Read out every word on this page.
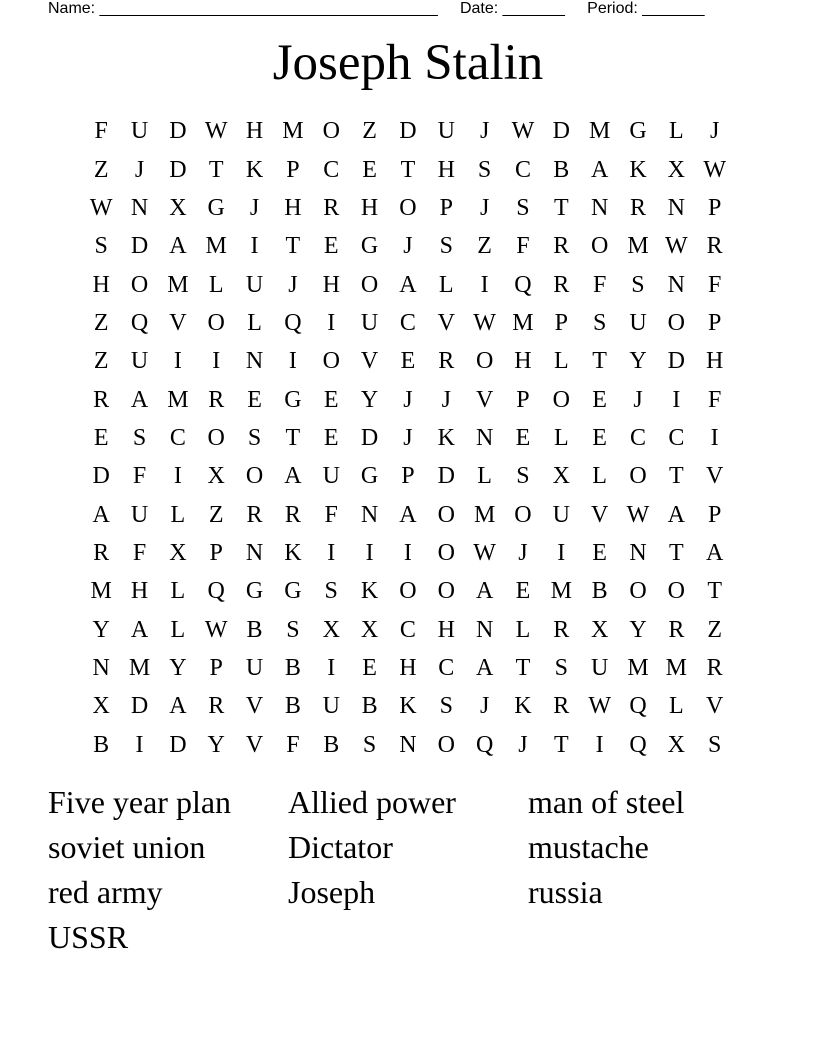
Name: ______________________________________     Date: _______     Period: _______
Joseph Stalin
F U D W H M O Z D U	J W D M G L	J
Z	J	D T K P C E T H S C B A K X W
W N X G	J	H R H O P	J	S	T N R N P
S D A M I	T E G	J	S	Z	F R O M W R
H O M L U	J	H O A L	I	Q R F	S N F
Z Q V O L Q	I	U C V W M P	S U O P
Z U	I	I	N	I	O V E R O H L T Y D H
R A M R E G E Y	J	J	V P O E	J	I	F
E	S C O S	T E D	J	K N E L E C C	I
D F	I	X O A U G P D L	S X L O T V
A U L Z R R F N A O M O U V W A P
R F X P N K	I	I	I	O W J	I	E N T A
M H L Q G G S K O O A E M B O O T
Y A L W B S X X C H N L R X Y R Z
N M Y P U B	I	E H C A T	S U M M R
X D A R V B U B K S	J	K R W Q L V
B	I	D Y V F B S N O Q	J	T	I	Q X S
Five year plan	Allied power	man of steel
soviet union	Dictator	mustache
red army	Joseph	russia
USSR
